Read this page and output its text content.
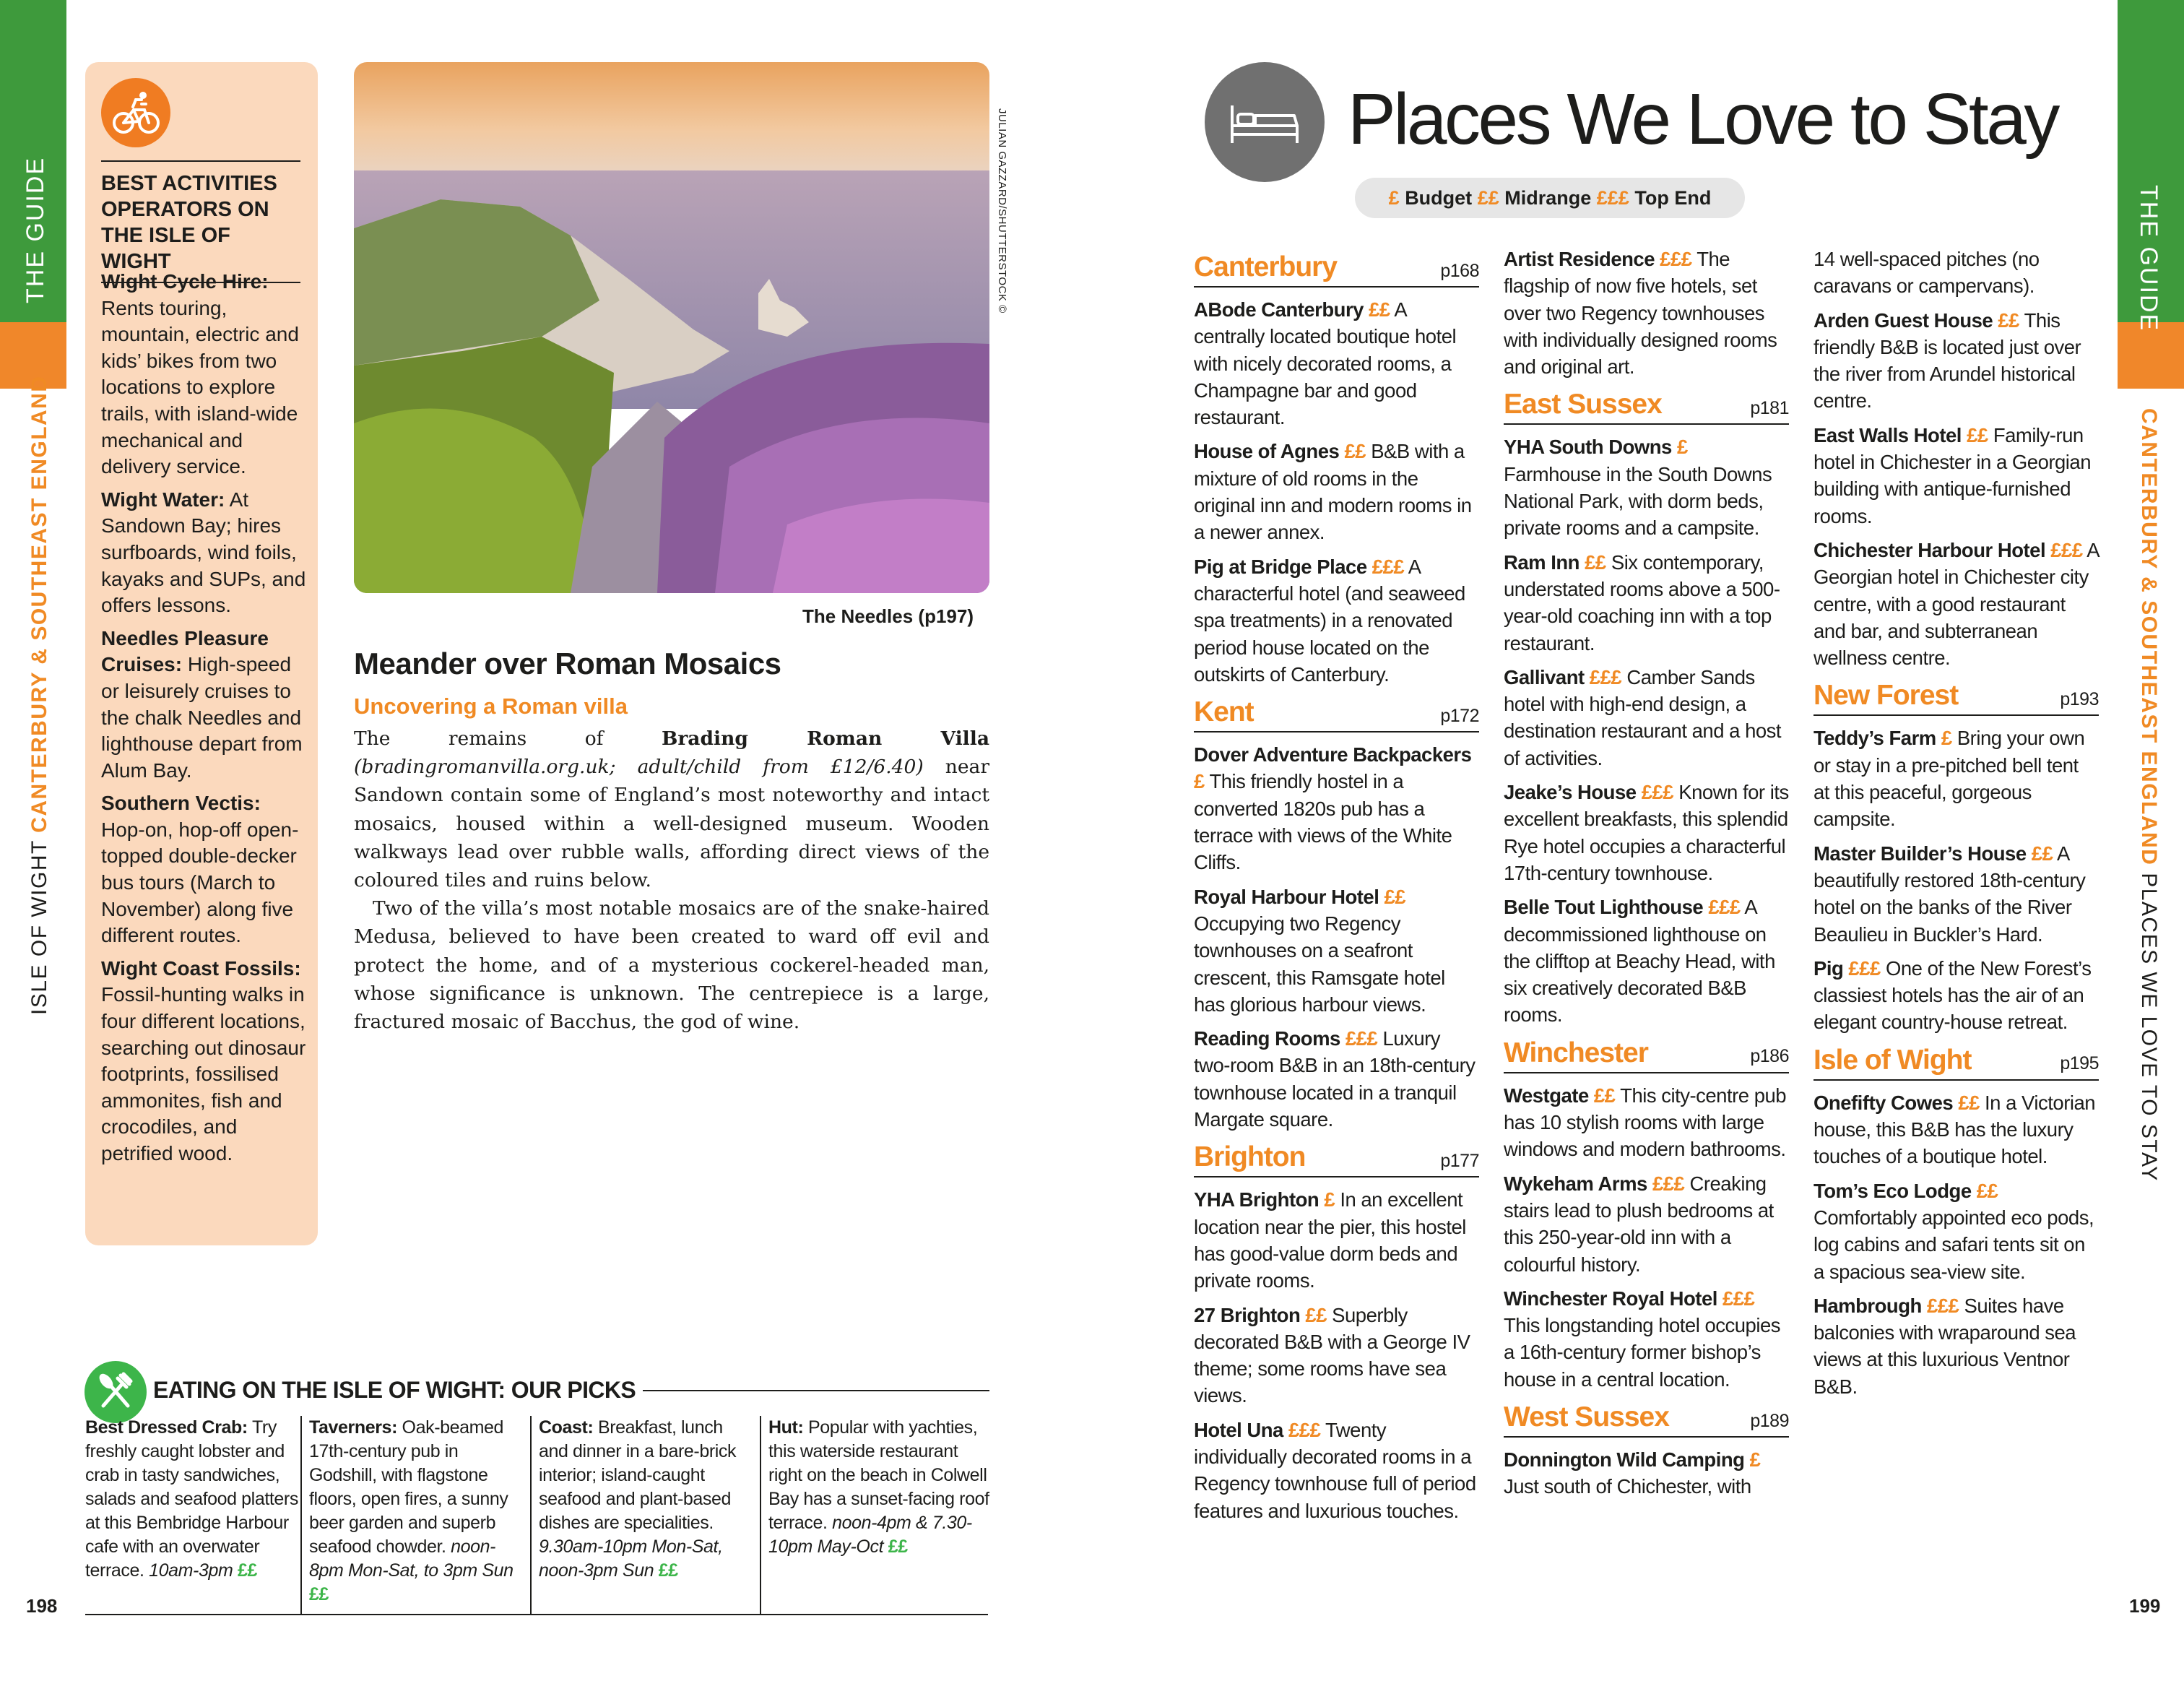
THE GUIDE
ISLE OF WIGHT CANTERBURY & SOUTHEAST ENGLAND
198
BEST ACTIVITIES OPERATORS ON THE ISLE OF WIGHT

Wight Cycle Hire: Rents touring, mountain, electric and kids’ bikes from two locations to explore trails, with island-wide mechanical and delivery service.

Wight Water: At Sandown Bay; hires surfboards, wind foils, kayaks and SUPs, and offers lessons.

Needles Pleasure Cruises: High-speed or leisurely cruises to the chalk Needles and lighthouse depart from Alum Bay.

Southern Vectis: Hop-on, hop-off open-topped double-decker bus tours (March to November) along five different routes.

Wight Coast Fossils: Fossil-hunting walks in four different locations, searching out dinosaur footprints, fossilised ammonites, fish and crocodiles, and petrified wood.

JULIAN GAZZARD/SHUTTERSTOCK ©
The Needles (p197)
Meander over Roman Mosaics
Uncovering a Roman villa

The remains of Brading Roman Villa (bradingromanvilla.org.uk; adult/child from £12/6.40) near Sandown contain some of England’s most noteworthy and intact mosaics, housed within a well-designed museum. Wooden walkways lead over rubble walls, affording direct views of the coloured tiles and ruins below.

Two of the villa’s most notable mosaics are of the snake-haired Medusa, believed to have been created to ward off evil and protect the home, and of a mysterious cockerel-headed man, whose significance is unknown. The centrepiece is a large, fractured mosaic of Bacchus, the god of wine.

EATING ON THE ISLE OF WIGHT: OUR PICKS
Best Dressed Crab: Try freshly caught lobster and crab in tasty sandwiches, salads and seafood platters at this Bembridge Harbour cafe with an overwater terrace. 10am-3pm ££
Taverners: Oak-beamed 17th-century pub in Godshill, with flagstone floors, open fires, a sunny beer garden and superb seafood chowder. noon-8pm Mon-Sat, to 3pm Sun ££
Coast: Breakfast, lunch and dinner in a bare-brick interior; island-caught seafood and plant-based dishes are specialities. 9.30am-10pm Mon-Sat, noon-3pm Sun ££
Hut: Popular with yachties, this waterside restaurant right on the beach in Colwell Bay has a sunset-facing roof terrace. noon-4pm & 7.30-10pm May-Oct ££
THE GUIDE
CANTERBURY & SOUTHEAST ENGLAND PLACES WE LOVE TO STAY
199
Places We Love to Stay
£ Budget ££ Midrange £££ Top End
Canterbury	p168

ABode Canterbury ££ A centrally located boutique hotel with nicely decorated rooms, a Champagne bar and good restaurant.

House of Agnes ££ B&B with a mixture of old rooms in the original inn and modern rooms in a newer annex.

Pig at Bridge Place £££ A characterful hotel (and seaweed spa treatments) in a renovated period house located on the outskirts of Canterbury.

Kent	p172

Dover Adventure Backpackers £ This friendly hostel in a converted 1820s pub has a terrace with views of the White Cliffs.

Royal Harbour Hotel ££ Occupying two Regency townhouses on a seafront crescent, this Ramsgate hotel has glorious harbour views.

Reading Rooms £££ Luxury two-room B&B in an 18th-century townhouse located in a tranquil Margate square.

Brighton	p177

YHA Brighton £ In an excellent location near the pier, this hostel has good-value dorm beds and private rooms.

27 Brighton ££ Superbly decorated B&B with a George IV theme; some rooms have sea views.

Hotel Una £££ Twenty individually decorated rooms in a Regency townhouse full of period features and luxurious touches.

Artist Residence £££ The flagship of now five hotels, set over two Regency townhouses with individually designed rooms and original art.

East Sussex	p181

YHA South Downs £ Farmhouse in the South Downs National Park, with dorm beds, private rooms and a campsite.

Ram Inn ££ Six contemporary, understated rooms above a 500-year-old coaching inn with a top restaurant.

Gallivant £££ Camber Sands hotel with high-end design, a destination restaurant and a host of activities.

Jeake’s House £££ Known for its excellent breakfasts, this splendid Rye hotel occupies a characterful 17th-century townhouse.

Belle Tout Lighthouse £££ A decommissioned lighthouse on the clifftop at Beachy Head, with six creatively decorated B&B rooms.

Winchester	p186

Westgate ££ This city-centre pub has 10 stylish rooms with large windows and modern bathrooms.

Wykeham Arms £££ Creaking stairs lead to plush bedrooms at this 250-year-old inn with a colourful history.

Winchester Royal Hotel £££ This longstanding hotel occupies a 16th-century former bishop’s house in a central location.

West Sussex	p189

Donnington Wild Camping £ Just south of Chichester, with

14 well-spaced pitches (no caravans or campervans).

Arden Guest House ££ This friendly B&B is located just over the river from Arundel historical centre.

East Walls Hotel ££ Family-run hotel in Chichester in a Georgian building with antique-furnished rooms.

Chichester Harbour Hotel £££ A Georgian hotel in Chichester city centre, with a good restaurant and bar, and subterranean wellness centre.

New Forest	p193

Teddy’s Farm £ Bring your own or stay in a pre-pitched bell tent at this peaceful, gorgeous campsite.

Master Builder’s House ££ A beautifully restored 18th-century hotel on the banks of the River Beaulieu in Buckler’s Hard.

Pig £££ One of the New Forest’s classiest hotels has the air of an elegant country-house retreat.

Isle of Wight	p195

Onefifty Cowes ££ In a Victorian house, this B&B has the luxury touches of a boutique hotel.

Tom’s Eco Lodge ££ Comfortably appointed eco pods, log cabins and safari tents sit on a spacious sea-view site.

Hambrough £££ Suites have balconies with wraparound sea views at this luxurious Ventnor B&B.
